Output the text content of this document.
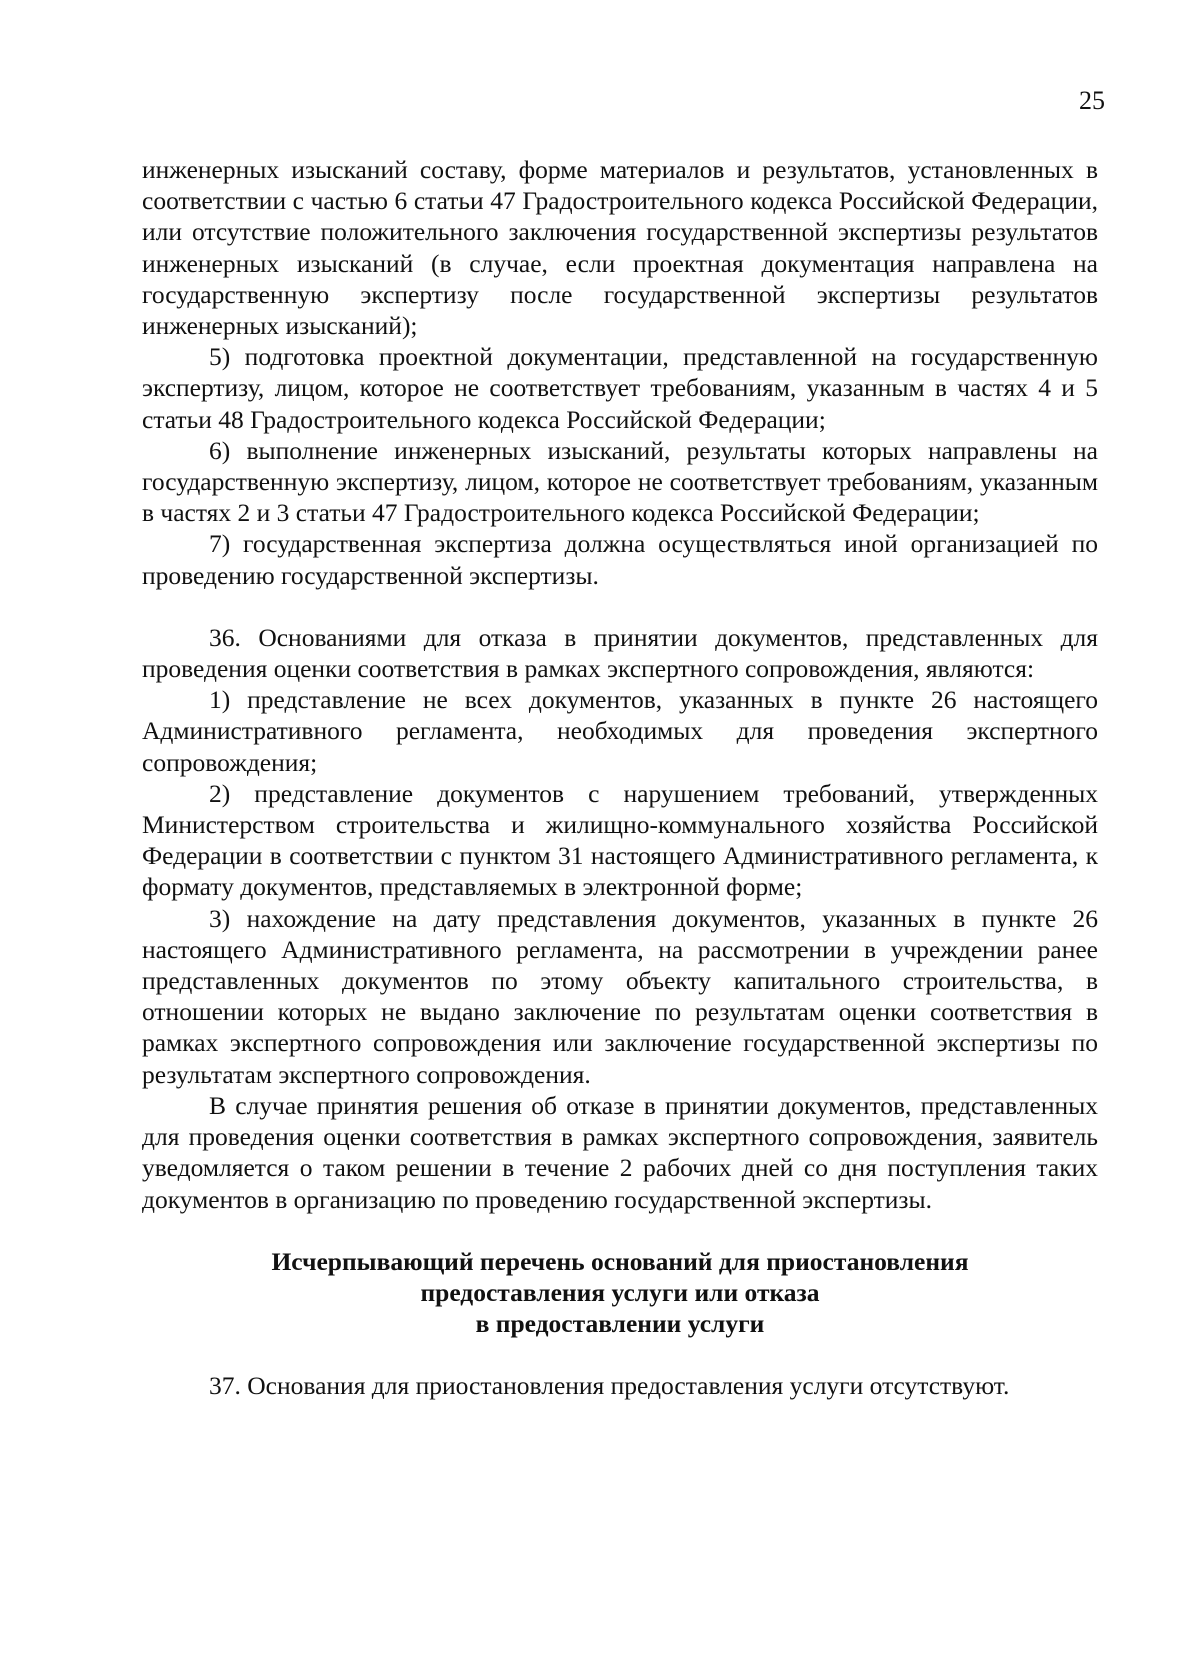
25

инженерных изысканий составу, форме материалов и результатов, установленных в соответствии с частью 6 статьи 47 Градостроительного кодекса Российской Федерации, или отсутствие положительного заключения государственной экспертизы результатов инженерных изысканий (в случае, если проектная документация направлена на государственную экспертизу после государственной экспертизы результатов инженерных изысканий);

5) подготовка проектной документации, представленной на государственную экспертизу, лицом, которое не соответствует требованиям, указанным в частях 4 и 5 статьи 48 Градостроительного кодекса Российской Федерации;

6) выполнение инженерных изысканий, результаты которых направлены на государственную экспертизу, лицом, которое не соответствует требованиям, указанным в частях 2 и 3 статьи 47 Градостроительного кодекса Российской Федерации;

7) государственная экспертиза должна осуществляться иной организацией по проведению государственной экспертизы.

36. Основаниями для отказа в принятии документов, представленных для проведения оценки соответствия в рамках экспертного сопровождения, являются:

1) представление не всех документов, указанных в пункте 26 настоящего Административного регламента, необходимых для проведения экспертного сопровождения;

2) представление документов с нарушением требований, утвержденных Министерством строительства и жилищно-коммунального хозяйства Российской Федерации в соответствии с пунктом 31 настоящего Административного регламента, к формату документов, представляемых в электронной форме;

3) нахождение на дату представления документов, указанных в пункте 26 настоящего Административного регламента, на рассмотрении в учреждении ранее представленных документов по этому объекту капитального строительства, в отношении которых не выдано заключение по результатам оценки соответствия в рамках экспертного сопровождения или заключение государственной экспертизы по результатам экспертного сопровождения.

В случае принятия решения об отказе в принятии документов, представленных для проведения оценки соответствия в рамках экспертного сопровождения, заявитель уведомляется о таком решении в течение 2 рабочих дней со дня поступления таких документов в организацию по проведению государственной экспертизы.

Исчерпывающий перечень оснований для приостановления
предоставления услуги или отказа
в предоставлении услуги

37. Основания для приостановления предоставления услуги отсутствуют.
